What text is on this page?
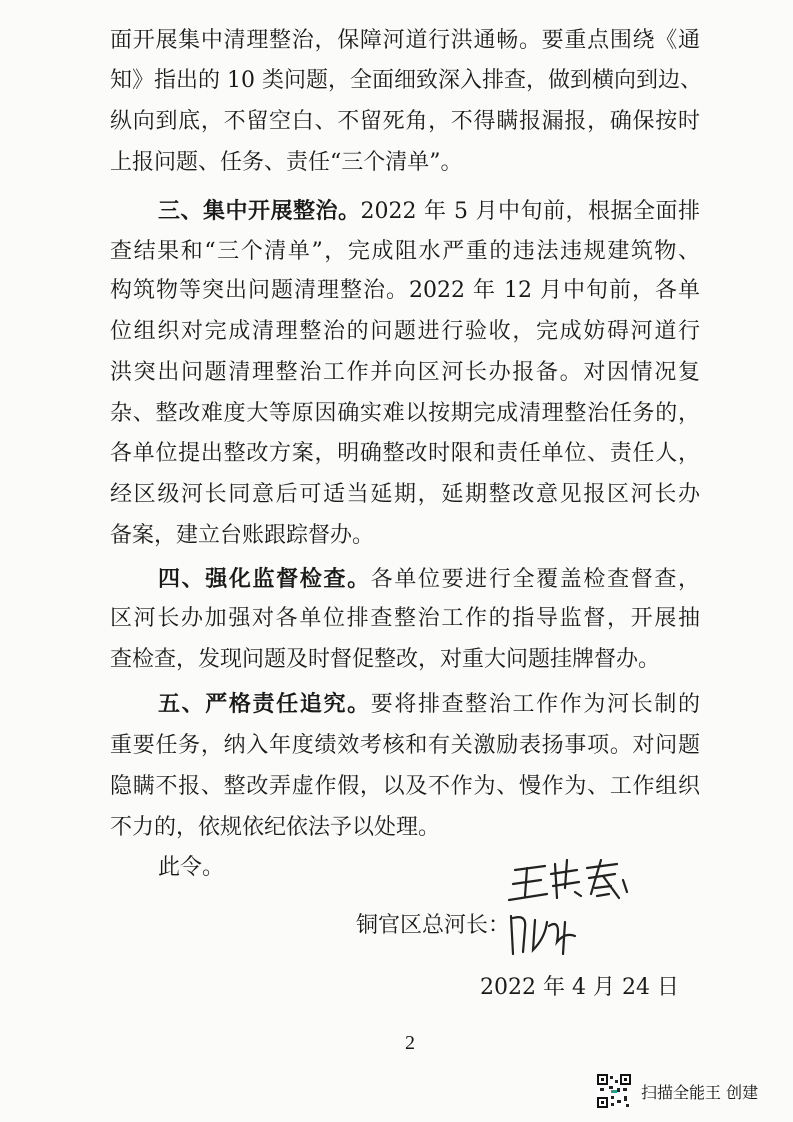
面开展集中清理整治，保障河道行洪通畅。要重点围绕《通
知》指出的 10 类问题，全面细致深入排查，做到横向到边、
纵向到底，不留空白、不留死角，不得瞒报漏报，确保按时
上报问题、任务、责任“三个清单”。
三、集中开展整治。2022 年 5 月中旬前，根据全面排
查结果和“三个清单”，完成阻水严重的违法违规建筑物、
构筑物等突出问题清理整治。2022 年 12 月中旬前，各单
位组织对完成清理整治的问题进行验收，完成妨碍河道行
洪突出问题清理整治工作并向区河长办报备。对因情况复
杂、整改难度大等原因确实难以按期完成清理整治任务的，
各单位提出整改方案，明确整改时限和责任单位、责任人，
经区级河长同意后可适当延期，延期整改意见报区河长办
备案，建立台账跟踪督办。
四、强化监督检查。各单位要进行全覆盖检查督查，
区河长办加强对各单位排查整治工作的指导监督，开展抽
查检查，发现问题及时督促整改，对重大问题挂牌督办。
五、严格责任追究。要将排查整治工作作为河长制的
重要任务，纳入年度绩效考核和有关激励表扬事项。对问题
隐瞒不报、整改弄虚作假，以及不作为、慢作为、工作组织
不力的，依规依纪依法予以处理。
此令。
铜官区总河长：
2022 年 4 月 24 日
2
扫描全能王 创建
